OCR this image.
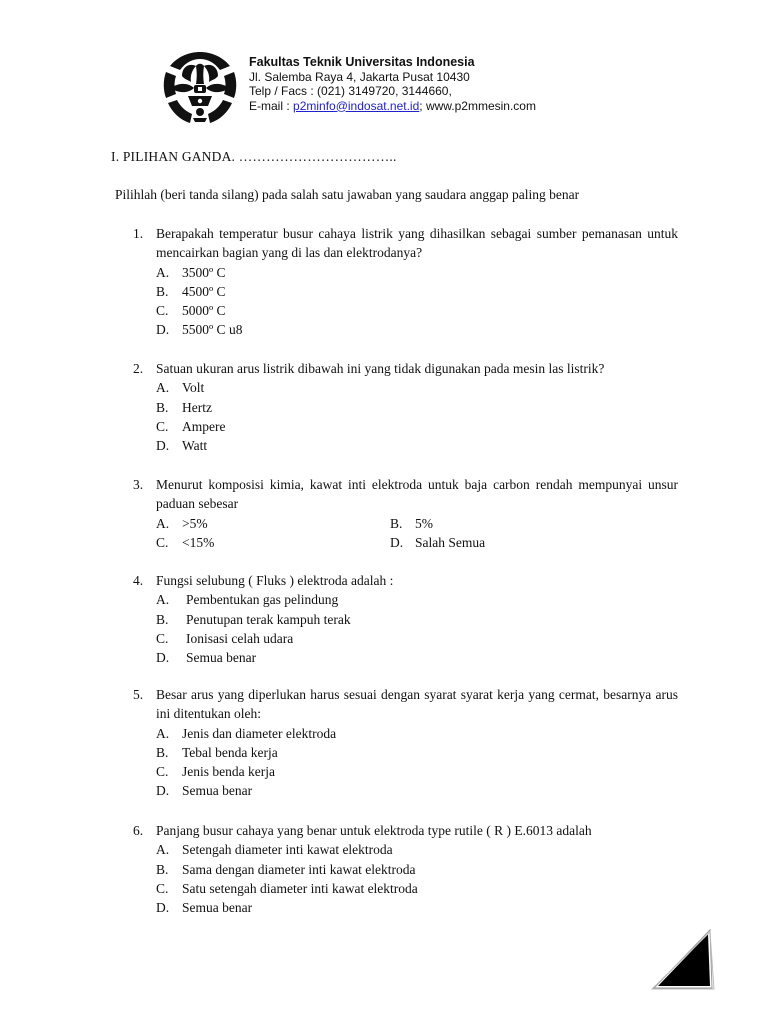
Fakultas Teknik Universitas Indonesia
Jl. Salemba Raya 4, Jakarta Pusat 10430
Telp / Facs : (021) 3149720, 3144660,
E-mail : p2minfo@indosat.net.id; www.p2mmesin.com
I. PILIHAN GANDA. ……………………………..
Pilihlah (beri tanda silang) pada salah satu jawaban yang saudara anggap paling benar
1. Berapakah temperatur busur cahaya listrik yang dihasilkan sebagai sumber pemanasan untuk mencairkan bagian yang di las dan elektrodanya?
A. 3500º C
B. 4500º C
C. 5000º C
D. 5500º C u8
2. Satuan ukuran arus listrik dibawah ini yang tidak digunakan pada mesin las listrik?
A. Volt
B. Hertz
C. Ampere
D. Watt
3. Menurut komposisi kimia, kawat inti elektroda untuk baja carbon rendah mempunyai unsur paduan sebesar
A. >5%	B. 5%
C. <15%	D. Salah Semua
4. Fungsi selubung ( Fluks ) elektroda adalah :
A. Pembentukan gas pelindung
B. Penutupan terak kampuh terak
C. Ionisasi celah udara
D. Semua benar
5. Besar arus yang diperlukan harus sesuai dengan syarat syarat kerja yang cermat, besarnya arus ini ditentukan oleh:
A. Jenis dan diameter elektroda
B. Tebal benda kerja
C. Jenis benda kerja
D. Semua benar
6. Panjang busur cahaya yang benar untuk elektroda type rutile ( R ) E.6013 adalah
A. Setengah diameter inti kawat elektroda
B. Sama dengan diameter inti kawat elektroda
C. Satu setengah diameter inti kawat elektroda
D. Semua benar
